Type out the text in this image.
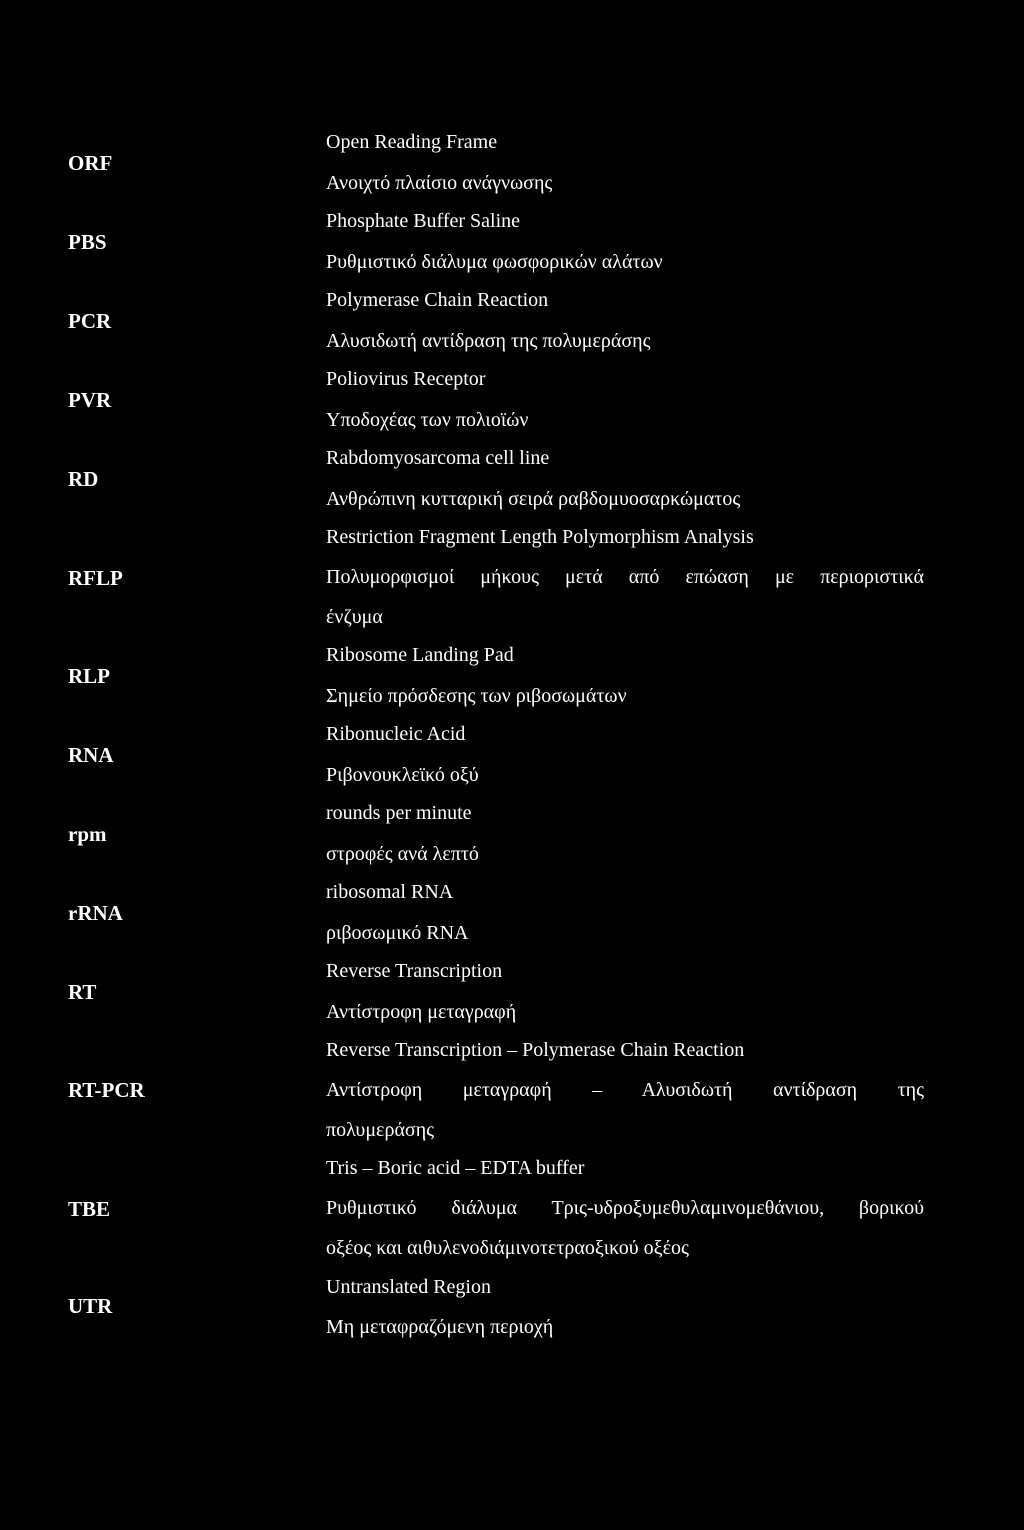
ORF
Open Reading Frame
Ανοιχτό πλαίσιο ανάγνωσης
PBS
Phosphate Buffer Saline
Ρυθμιστικό διάλυμα φωσφορικών αλάτων
PCR
Polymerase Chain Reaction
Αλυσιδωτή αντίδραση της πολυμεράσης
PVR
Poliovirus Receptor
Υποδοχέας των πολιοϊών
RD
Rabdomyosarcoma cell line
Ανθρώπινη κυτταρική σειρά ραβδομυοσαρκώματος
RFLP
Restriction Fragment Length Polymorphism Analysis
Πολυμορφισμοί μήκους μετά από επώαση με περιοριστικά
ένζυμα
RLP
Ribosome Landing Pad
Σημείο πρόσδεσης των ριβοσωμάτων
RNA
Ribonucleic Acid
Ριβονουκλεϊκό οξύ
rpm
rounds per minute
στροφές ανά λεπτό
rRNA
ribosomal RNA
ριβοσωμικό RNA
RT
Reverse Transcription
Αντίστροφη μεταγραφή
RT-PCR
Reverse Transcription – Polymerase Chain Reaction
Αντίστροφη μεταγραφή – Αλυσιδωτή αντίδραση της
πολυμεράσης
TBE
Tris – Boric acid – EDTA buffer
Ρυθμιστικό διάλυμα Τρις-υδροξυμεθυλαμινομεθάνιου, βορικού
οξέος και αιθυλενοδιάμινοτετραοξικού οξέος
UTR
Untranslated Region
Μη μεταφραζόμενη περιοχή
